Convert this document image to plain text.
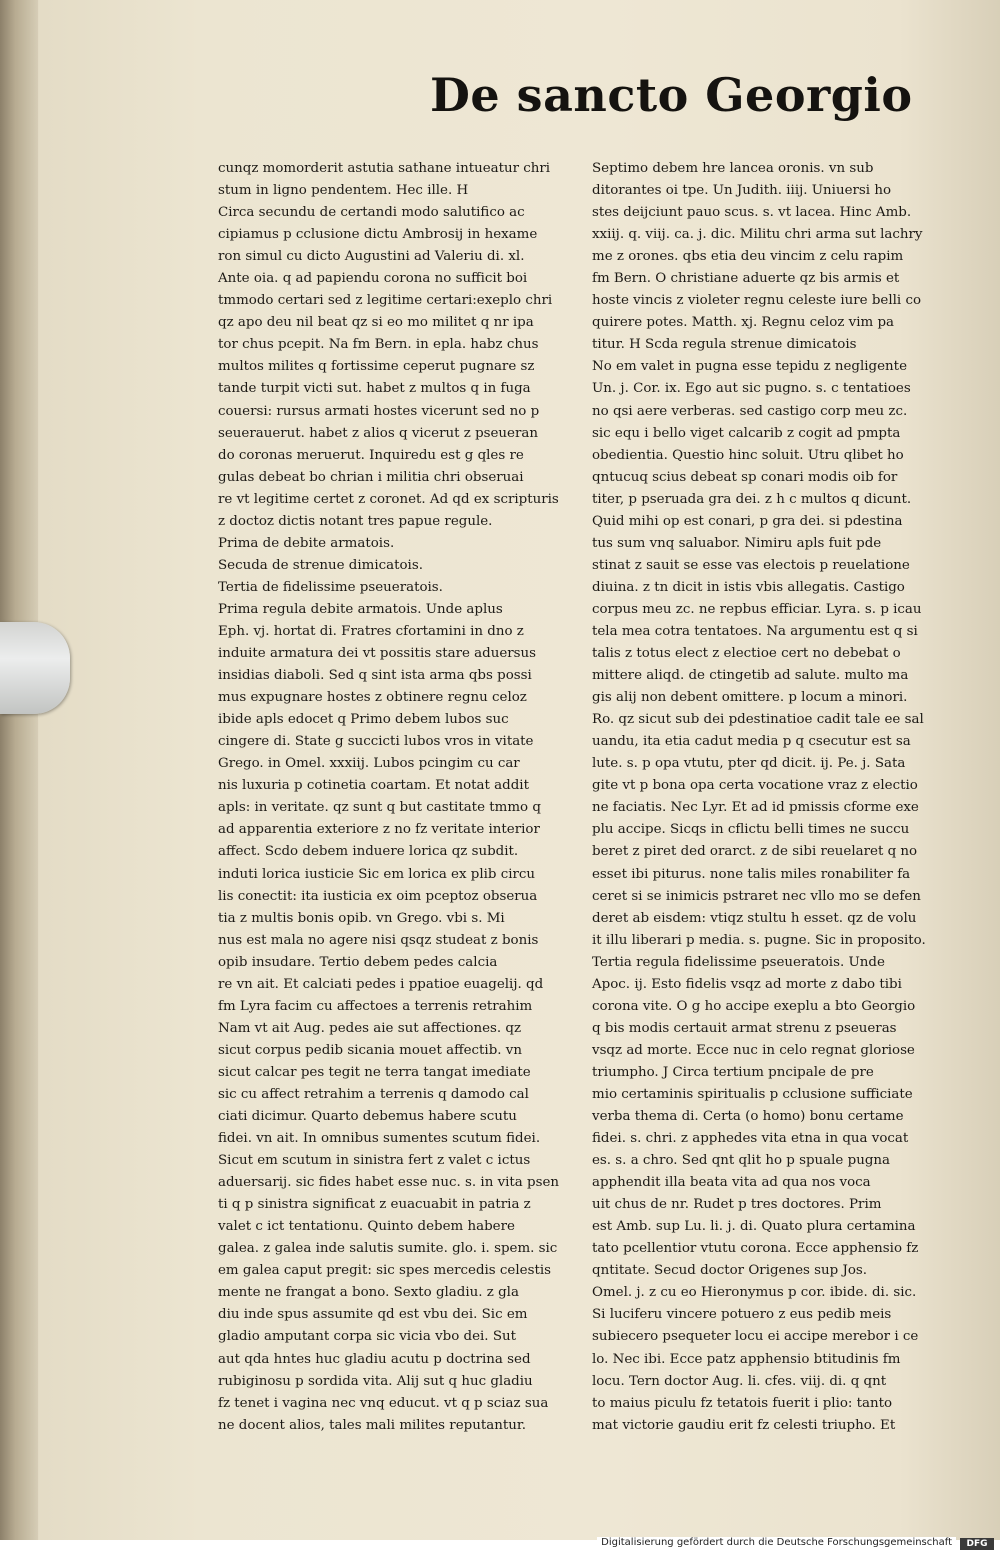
De sancto Georgio
cunqz momorderit astutia sathane intueatur chri
stum in ligno pendentem. Hec ille. H
Circa secundu de certandi modo salutifico ac
cipiamus p cclusione dictu Ambrosij in hexame
ron simul cu dicto Augustini ad Valeriu di. xl.
Ante oia. q ad papiendu corona no sufficit boi
tmmodo certari sed z legitime certari:exeplo chri
qz apo deu nil beat qz si eo mo militet q nr ipa
tor chus pcepit. Na fm Bern. in epla. habz chus
multos milites q fortissime ceperut pugnare sz
tande turpit victi sut. habet z multos q in fuga
couersi: rursus armati hostes vicerunt sed no p
seuerauerut. habet z alios q vicerut z pseueran
do coronas meruerut. Inquiredu est g qles re
gulas debeat bo chrian i militia chri obseruai
re vt legitime certet z coronet. Ad qd ex scripturis
z doctoz dictis notant tres papue regule.
Prima de debite armatois.
Secuda de strenue dimicatois.
Tertia de fidelissime pseueratois.
Prima regula debite armatois. Unde aplus
Eph. vj. hortat di. Fratres cfortamini in dno z
induite armatura dei vt possitis stare aduersus
insidias diaboli. Sed q sint ista arma qbs possi
mus expugnare hostes z obtinere regnu celoz
ibide apls edocet q Primo debem lubos suc
cingere di. State g succicti lubos vros in vitate
Grego. in Omel. xxxiij. Lubos pcingim cu car
nis luxuria p cotinetia coartam. Et notat addit
apls: in veritate. qz sunt q but castitate tmmo q
ad apparentia exteriore z no fz veritate interior
affect. Scdo debem induere lorica qz subdit.
induti lorica iusticie Sic em lorica ex plib circu
lis conectit: ita iusticia ex oim pceptoz obserua
tia z multis bonis opib. vn Grego. vbi s. Mi
nus est mala no agere nisi qsqz studeat z bonis
opib insudare. Tertio debem pedes calcia
re vn ait. Et calciati pedes i ppatioe euagelij. qd
fm Lyra facim cu affectoes a terrenis retrahim
Nam vt ait Aug. pedes aie sut affectiones. qz
sicut corpus pedib sicania mouet affectib. vn
sicut calcar pes tegit ne terra tangat imediate
sic cu affect retrahim a terrenis q damodo cal
ciati dicimur. Quarto debemus habere scutu
fidei. vn ait. In omnibus sumentes scutum fidei.
Sicut em scutum in sinistra fert z valet c ictus
aduersarij. sic fides habet esse nuc. s. in vita psen
ti q p sinistra significat z euacuabit in patria z
valet c ict tentationu. Quinto debem habere
galea. z galea inde salutis sumite. glo. i. spem. sic
em galea caput pregit: sic spes mercedis celestis
mente ne frangat a bono. Sexto gladiu. z gla
diu inde spus assumite qd est vbu dei. Sic em
gladio amputant corpa sic vicia vbo dei. Sut
aut qda hntes huc gladiu acutu p doctrina sed
rubiginosu p sordida vita. Alij sut q huc gladiu
fz tenet i vagina nec vnq educut. vt q p sciaz sua
ne docent alios, tales mali milites reputantur.
Septimo debem hre lancea oronis. vn sub
ditorantes oi tpe. Un Judith. iiij. Uniuersi ho
stes deijciunt pauo scus. s. vt lacea. Hinc Amb.
xxiij. q. viij. ca. j. dic. Militu chri arma sut lachry
me z orones. qbs etia deu vincim z celu rapim
fm Bern. O christiane aduerte qz bis armis et
hoste vincis z violeter regnu celeste iure belli co
quirere potes. Matth. xj. Regnu celoz vim pa
titur. H Scda regula strenue dimicatois
No em valet in pugna esse tepidu z negligente
Un. j. Cor. ix. Ego aut sic pugno. s. c tentatioes
no qsi aere verberas. sed castigo corp meu zc.
sic equ i bello viget calcarib z cogit ad pmpta
obedientia. Questio hinc soluit. Utru qlibet ho
qntucuq scius debeat sp conari modis oib for
titer, p pseruada gra dei. z h c multos q dicunt.
Quid mihi op est conari, p gra dei. si pdestina
tus sum vnq saluabor. Nimiru apls fuit pde
stinat z sauit se esse vas electois p reuelatione
diuina. z tn dicit in istis vbis allegatis. Castigo
corpus meu zc. ne repbus efficiar. Lyra. s. p icau
tela mea cotra tentatoes. Na argumentu est q si
talis z totus elect z electioe cert no debebat o
mittere aliqd. de ctingetib ad salute. multo ma
gis alij non debent omittere. p locum a minori.
Ro. qz sicut sub dei pdestinatioe cadit tale ee sal
uandu, ita etia cadut media p q csecutur est sa
lute. s. p opa vtutu, pter qd dicit. ij. Pe. j. Sata
gite vt p bona opa certa vocatione vraz z electio
ne faciatis. Nec Lyr. Et ad id pmissis cforme exe
plu accipe. Sicqs in cflictu belli times ne succu
beret z piret ded orarct. z de sibi reuelaret q no
esset ibi piturus. none talis miles ronabiliter fa
ceret si se inimicis pstraret nec vllo mo se defen
deret ab eisdem: vtiqz stultu h esset. qz de volu
it illu liberari p media. s. pugne. Sic in proposito.
Tertia regula fidelissime pseueratois. Unde
Apoc. ij. Esto fidelis vsqz ad morte z dabo tibi
corona vite. O g ho accipe exeplu a bto Georgio
q bis modis certauit armat strenu z pseueras
vsqz ad morte. Ecce nuc in celo regnat gloriose
triumpho. J Circa tertium pncipale de pre
mio certaminis spiritualis p cclusione sufficiate
verba thema di. Certa (o homo) bonu certame
fidei. s. chri. z apphedes vita etna in qua vocat
es. s. a chro. Sed qnt qlit ho p spuale pugna
apphendit illa beata vita ad qua nos voca
uit chus de nr. Rudet p tres doctores. Prim
est Amb. sup Lu. li. j. di. Quato plura certamina
tato pcellentior vtutu corona. Ecce apphensio fz
qntitate. Secud doctor Origenes sup Jos.
Omel. j. z cu eo Hieronymus p cor. ibide. di. sic.
Si luciferu vincere potuero z eus pedib meis
subiecero psequeter locu ei accipe merebor i ce
lo. Nec ibi. Ecce patz apphensio btitudinis fm
locu. Tern doctor Aug. li. cfes. viij. di. q qnt
to maius piculu fz tetatois fuerit i plio: tanto
mat victorie gaudiu erit fz celesti triupho. Et
Digitalisierung gefördert durch die Deutsche Forschungsgemeinschaft	DFG
